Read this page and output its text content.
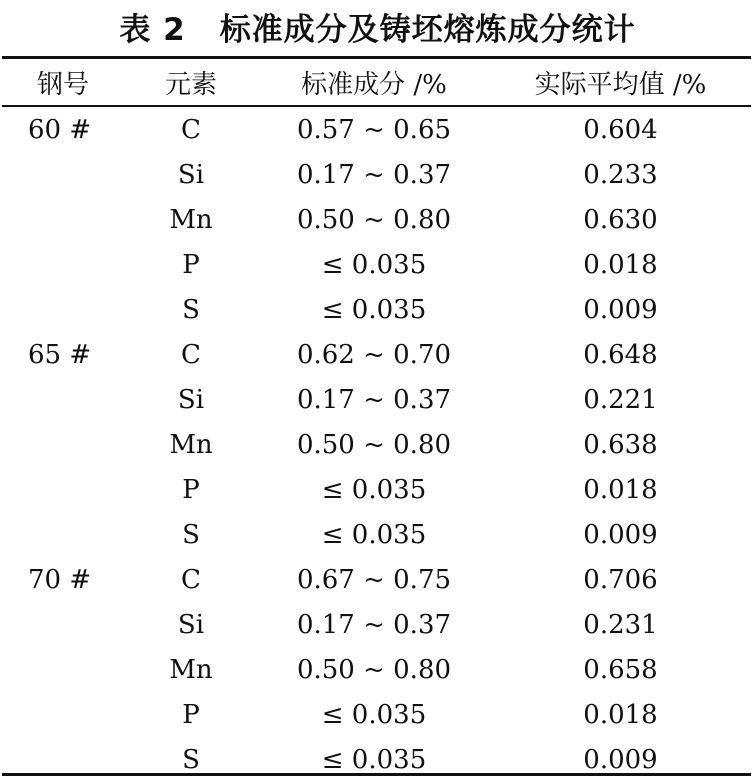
表 2 标准成分及铸坯熔炼成分统计
钢号	元素	标准成分 /%	实际平均值 /%
60 #	C	0.57 ~ 0.65	0.604
	Si	0.17 ~ 0.37	0.233
	Mn	0.50 ~ 0.80	0.630
	P	≤ 0.035	0.018
	S	≤ 0.035	0.009
65 #	C	0.62 ~ 0.70	0.648
	Si	0.17 ~ 0.37	0.221
	Mn	0.50 ~ 0.80	0.638
	P	≤ 0.035	0.018
	S	≤ 0.035	0.009
70 #	C	0.67 ~ 0.75	0.706
	Si	0.17 ~ 0.37	0.231
	Mn	0.50 ~ 0.80	0.658
	P	≤ 0.035	0.018
	S	≤ 0.035	0.009
